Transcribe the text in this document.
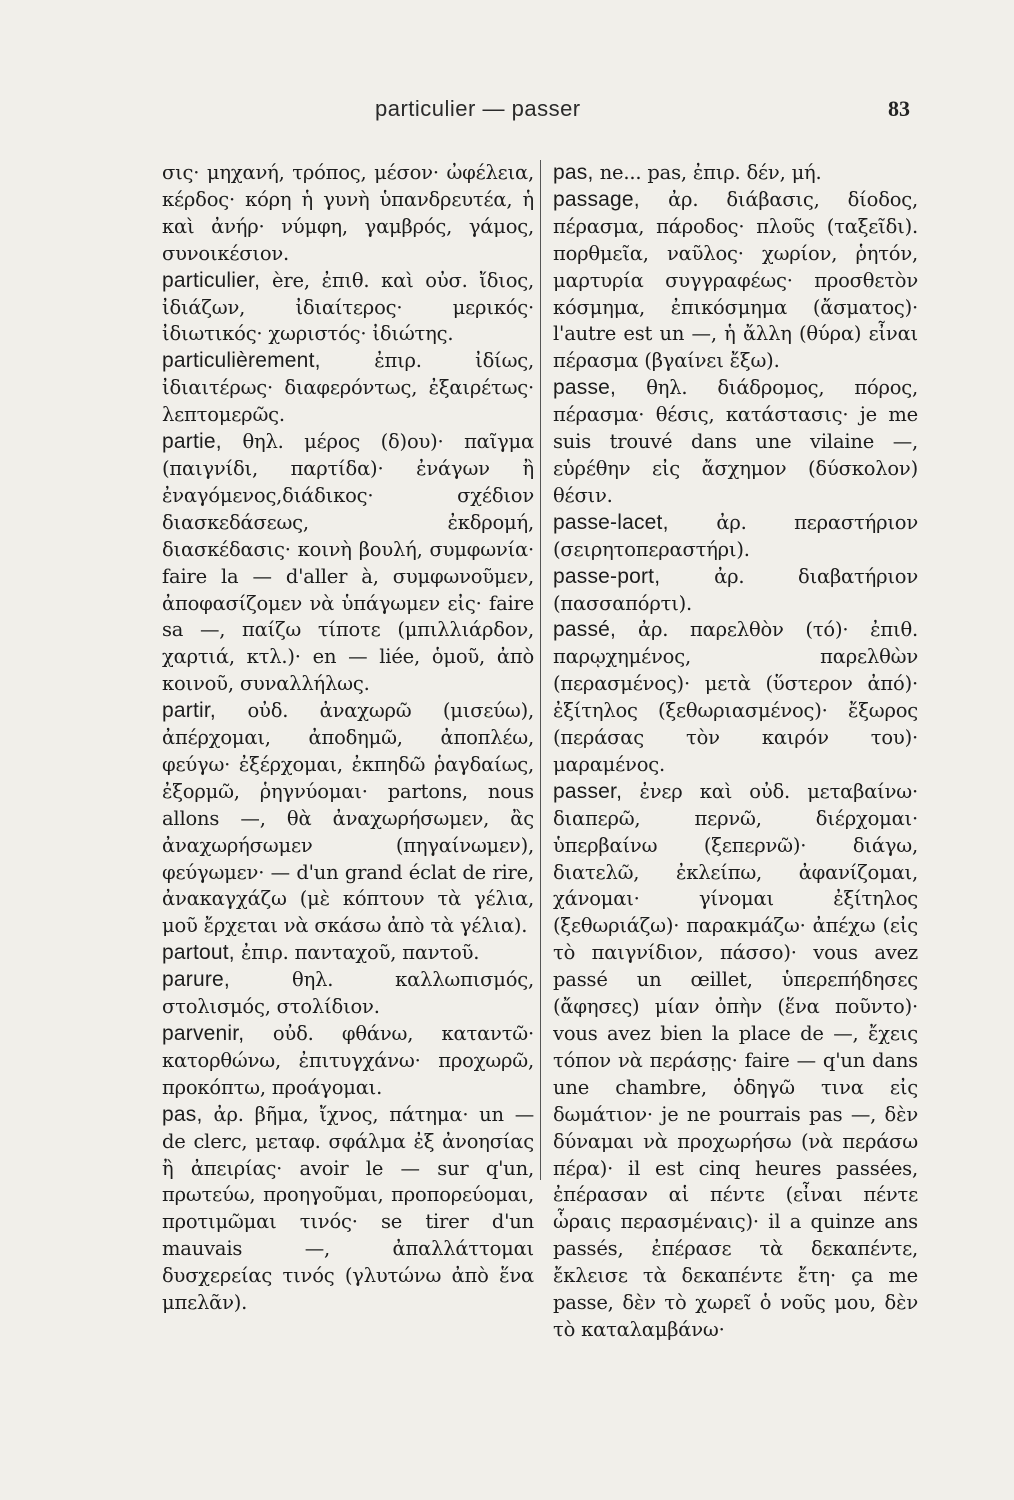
particulier — passer	83

σις· μηχανή, τρόπος, μέσον· ὠφέλεια, κέρδος· κόρη ἡ γυνὴ ὑπανδρευτέα, ἡ καὶ ἀνήρ· νύμφη, γαμβρός, γάμος, συνοικέσιον.

particulier, ère, ἐπιθ. καὶ οὐσ. ἴδιος, ἰδιάζων, ἰδιαίτερος· μερικός· ἰδιωτικός· χωριστός· ἰδιώτης.

particulièrement,	ἐπιρ. ἰδίως, ἰδιαιτέρως· διαφερόντως, ἐξαιρέτως· λεπτομερῶς.

partie, θηλ. μέρος (δ)ου)· παῖγμα (παιγνίδι, παρτίδα)· ἐνάγων ἢ ἐναγόμενος,διάδικος· σχέδιον διασκεδάσεως, ἐκδρομή, διασκέδασις· κοινὴ βουλή, συμφωνία· faire la — d'aller à, συμφωνοῦμεν, ἀποφασίζομεν νὰ ὑπάγωμεν εἰς· faire sa —, παίζω τίποτε (μπιλλιάρδον, χαρτιά, κτλ.)· en — liée, ὁμοῦ, ἀπὸ κοινοῦ, συναλλήλως.

partir, οὐδ. ἀναχωρῶ (μισεύω), ἀπέρχομαι, ἀποδημῶ, ἀποπλέω, φεύγω· ἐξέρχομαι, ἐκπηδῶ ῥαγδαίως, ἐξορμῶ, ῥηγνύομαι· partons, nous allons —, θὰ ἀναχωρήσωμεν, ἂς ἀναχωρήσωμεν (πηγαίνωμεν), φεύγωμεν· — d'un grand éclat de rire, ἀνακαγχάζω (μὲ κόπτουν τὰ γέλια, μοῦ ἔρχεται νὰ σκάσω ἀπὸ τὰ γέλια).

partout, ἐπιρ. πανταχοῦ, παντοῦ.

parure,	θηλ. καλλωπισμός, στολισμός, στολίδιον.

parvenir, οὐδ. φθάνω, καταντῶ· κατορθώνω, ἐπιτυγχάνω· προχωρῶ, προκόπτω, προάγομαι.

pas, ἀρ. βῆμα, ἴχνος, πάτημα· un — de clerc, μεταφ. σφάλμα ἐξ ἀνοησίας ἢ ἀπειρίας· avoir le — sur q'un, πρωτεύω, προηγοῦμαι, προπορεύομαι, προτιμῶμαι τινός· se tirer d'un mauvais —, ἀπαλλάττομαι δυσχερείας τινός (γλυτώνω ἀπὸ ἕνα μπελᾶν).

pas, ne... pas, ἐπιρ. δέν, μή.

passage, ἀρ. διάβασις, δίοδος, πέρασμα, πάροδος· πλοῦς (ταξεῖδι). πορθμεῖα, ναῦλος· χωρίον, ῥητόν, μαρτυρία συγγραφέως· προσθετὸν κόσμημα, ἐπικόσμημα (ἄσματος)· l'autre est un —, ἡ ἄλλη (θύρα) εἶναι πέρασμα (βγαίνει ἔξω).

passe, θηλ. διάδρομος, πόρος, πέρασμα· θέσις, κατάστασις· je me suis trouvé dans une vilaine —, εὑρέθην εἰς ἄσχημον (δύσκολον) θέσιν.

passe-lacet, ἀρ. περαστήριον (σειρητοπεραστήρι).

passe-port,	ἀρ. διαβατήριον (πασσαπόρτι).

passé, ἀρ. παρελθὸν (τό)· ἐπιθ. παρῳχημένος, παρελθὼν (περασμένος)· μετὰ (ὕστερον ἀπό)· ἐξίτηλος (ξεθωριασμένος)· ἔξωρος (περάσας τὸν καιρόν του)· μαραμένος.

passer, ἐνερ καὶ οὐδ. μεταβαίνω· διαπερῶ, περνῶ, διέρχομαι· ὑπερβαίνω (ξεπερνῶ)· διάγω, διατελῶ, ἐκλείπω, ἀφανίζομαι, χάνομαι· γίνομαι ἐξίτηλος (ξεθωριάζω)· παρακμάζω· ἀπέχω (εἰς τὸ παιγνίδιον, πάσσο)· vous avez passé un œillet, ὑπερεπήδησες (ἄφησες) μίαν ὀπὴν (ἕνα ποῦντο)· vous avez bien la place de —, ἔχεις τόπον νὰ περάσῃς· faire — q'un dans une chambre, ὁδηγῶ τινα εἰς δωμάτιον· je ne pourrais pas —, δὲν δύναμαι νὰ προχωρήσω (νὰ περάσω πέρα)· il est cinq heures passées, ἐπέρασαν αἱ πέντε (εἶναι πέντε ὧραις περασμέναις)· il a quinze ans passés, ἐπέρασε τὰ δεκαπέντε, ἔκλεισε τὰ δεκαπέντε ἔτη· ça me passe, δὲν τὸ χωρεῖ ὁ νοῦς μου, δὲν τὸ καταλαμβάνω·
